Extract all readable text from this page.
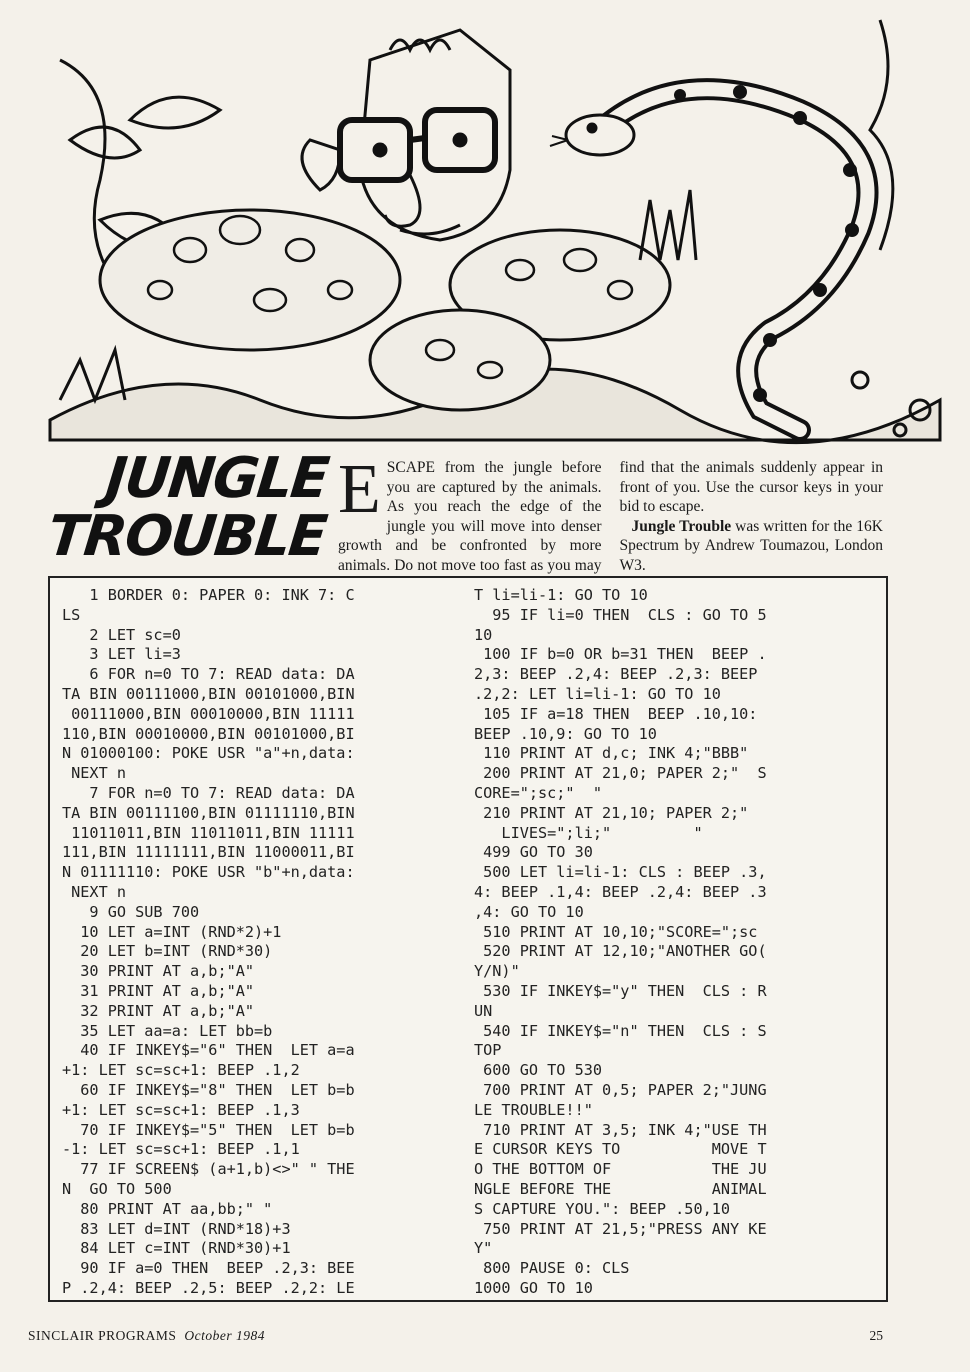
JUNGLE
TROUBLE

ESCAPE from the jungle before you are captured by the animals. As you reach the edge of the jungle you will move into denser growth and be confronted by more animals. Do not move too fast as you may find that the animals suddenly appear in front of you. Use the cursor keys in your bid to escape.

Jungle Trouble was written for the 16K Spectrum by Andrew Toumazou, London W3.

1 BORDER 0: PAPER 0: INK 7: C
LS
2 LET sc=0
3 LET li=3
6 FOR n=0 TO 7: READ data: DA
TA BIN 00111000,BIN 00101000,BIN
00111000,BIN 00010000,BIN 11111
110,BIN 00010000,BIN 00101000,BI
N 01000100: POKE USR "a"+n,data:
NEXT n
7 FOR n=0 TO 7: READ data: DA
TA BIN 00111100,BIN 01111110,BIN
11011011,BIN 11011011,BIN 11111
111,BIN 11111111,BIN 11000011,BI
N 01111110: POKE USR "b"+n,data:
NEXT n
9 GO SUB 700
10 LET a=INT (RND*2)+1
20 LET b=INT (RND*30)
30 PRINT AT a,b;"A"
31 PRINT AT a,b;"A"
32 PRINT AT a,b;"A"
35 LET aa=a: LET bb=b
40 IF INKEY$="6" THEN  LET a=a
+1: LET sc=sc+1: BEEP .1,2
60 IF INKEY$="8" THEN  LET b=b
+1: LET sc=sc+1: BEEP .1,3
70 IF INKEY$="5" THEN  LET b=b
-1: LET sc=sc+1: BEEP .1,1
77 IF SCREEN$ (a+1,b)<>" " THE
N  GO TO 500
80 PRINT AT aa,bb;" "
83 LET d=INT (RND*18)+3
84 LET c=INT (RND*30)+1
90 IF a=0 THEN  BEEP .2,3: BEE
P .2,4: BEEP .2,5: BEEP .2,2: LE
T li=li-1: GO TO 10
95 IF li=0 THEN  CLS : GO TO 5
10
100 IF b=0 OR b=31 THEN  BEEP .
2,3: BEEP .2,4: BEEP .2,3: BEEP
.2,2: LET li=li-1: GO TO 10
105 IF a=18 THEN  BEEP .10,10:
BEEP .10,9: GO TO 10
110 PRINT AT d,c; INK 4;"BBB"
200 PRINT AT 21,0; PAPER 2;"  S
CORE=";sc;"  "
210 PRINT AT 21,10; PAPER 2;"
LIVES=";li;"         "
499 GO TO 30
500 LET li=li-1: CLS : BEEP .3,
4: BEEP .1,4: BEEP .2,4: BEEP .3
,4: GO TO 10
510 PRINT AT 10,10;"SCORE=";sc
520 PRINT AT 12,10;"ANOTHER GO(
Y/N)"
530 IF INKEY$="y" THEN  CLS : R
UN
540 IF INKEY$="n" THEN  CLS : S
TOP
600 GO TO 530
700 PRINT AT 0,5; PAPER 2;"JUNG
LE TROUBLE!!"
710 PRINT AT 3,5; INK 4;"USE TH
E CURSOR KEYS TO          MOVE T
O THE BOTTOM OF           THE JU
NGLE BEFORE THE           ANIMAL
S CAPTURE YOU.": BEEP .50,10
750 PRINT AT 21,5;"PRESS ANY KE
Y"
800 PAUSE 0: CLS
1000 GO TO 10
SINCLAIR PROGRAMS October 1984	25
